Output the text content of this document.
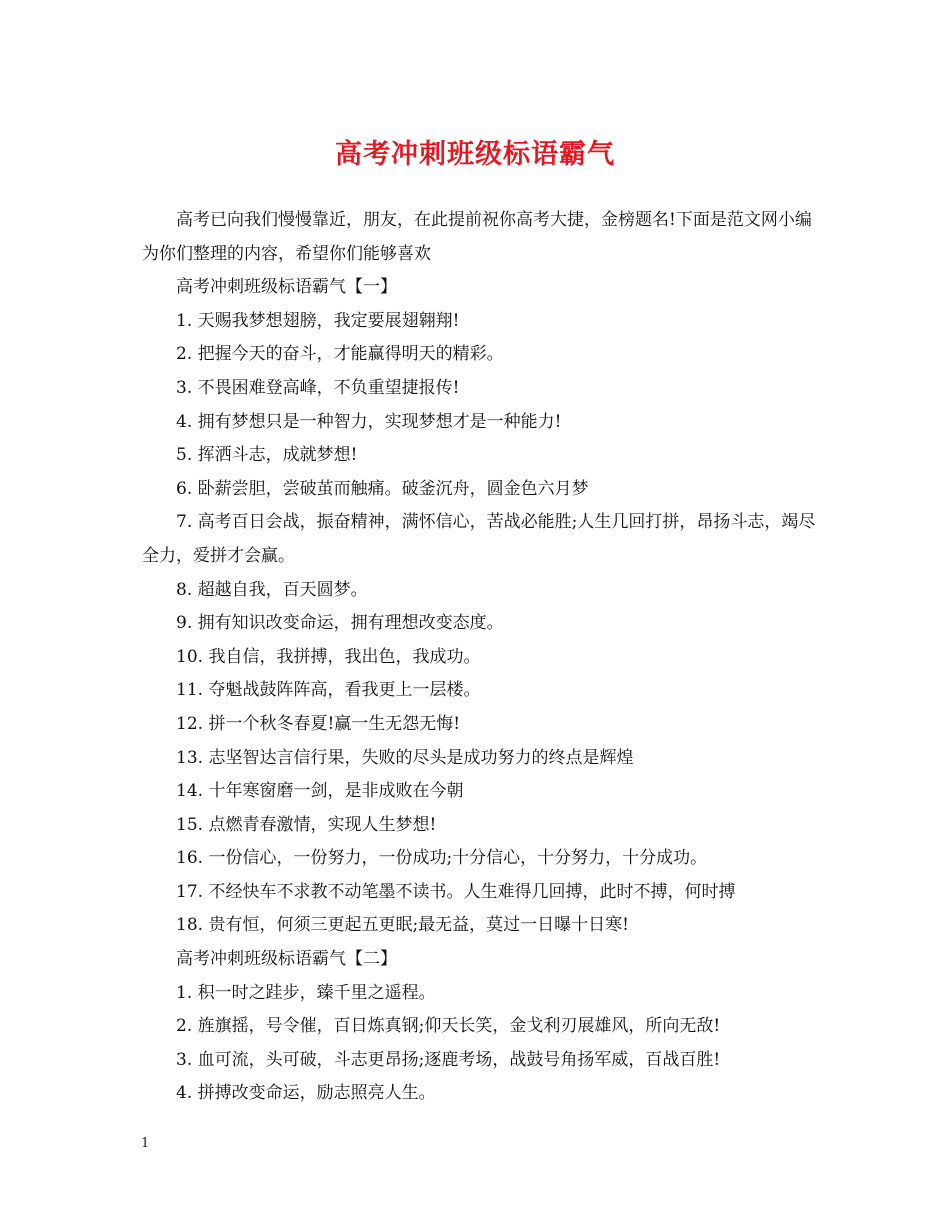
高考冲刺班级标语霸气

高考已向我们慢慢靠近，朋友，在此提前祝你高考大捷，金榜题名!下面是范文网小编为你们整理的内容，希望你们能够喜欢

高考冲刺班级标语霸气【一】

1. 天赐我梦想翅膀，我定要展翅翱翔!

2. 把握今天的奋斗，才能赢得明天的精彩。

3. 不畏困难登高峰，不负重望捷报传!

4. 拥有梦想只是一种智力，实现梦想才是一种能力!

5. 挥洒斗志，成就梦想!

6. 卧薪尝胆，尝破茧而触痛。破釜沉舟，圆金色六月梦

7. 高考百日会战，振奋精神，满怀信心，苦战必能胜;人生几回打拼，昂扬斗志，竭尽全力，爱拼才会赢。

8. 超越自我，百天圆梦。

9. 拥有知识改变命运，拥有理想改变态度。

10. 我自信，我拼搏，我出色，我成功。

11. 夺魁战鼓阵阵高，看我更上一层楼。

12. 拼一个秋冬春夏!赢一生无怨无悔!

13. 志坚智达言信行果，失败的尽头是成功努力的终点是辉煌

14. 十年寒窗磨一剑，是非成败在今朝

15. 点燃青春激情，实现人生梦想!

16. 一份信心，一份努力，一份成功;十分信心，十分努力，十分成功。

17. 不经快车不求教不动笔墨不读书。人生难得几回搏，此时不搏，何时搏

18. 贵有恒，何须三更起五更眠;最无益，莫过一日曝十日寒!

高考冲刺班级标语霸气【二】

1. 积一时之跬步，臻千里之遥程。

2. 旌旗摇，号令催，百日炼真钢;仰天长笑，金戈利刃展雄风，所向无敌!

3. 血可流，头可破，斗志更昂扬;逐鹿考场，战鼓号角扬军威，百战百胜!

4. 拼搏改变命运，励志照亮人生。

1
